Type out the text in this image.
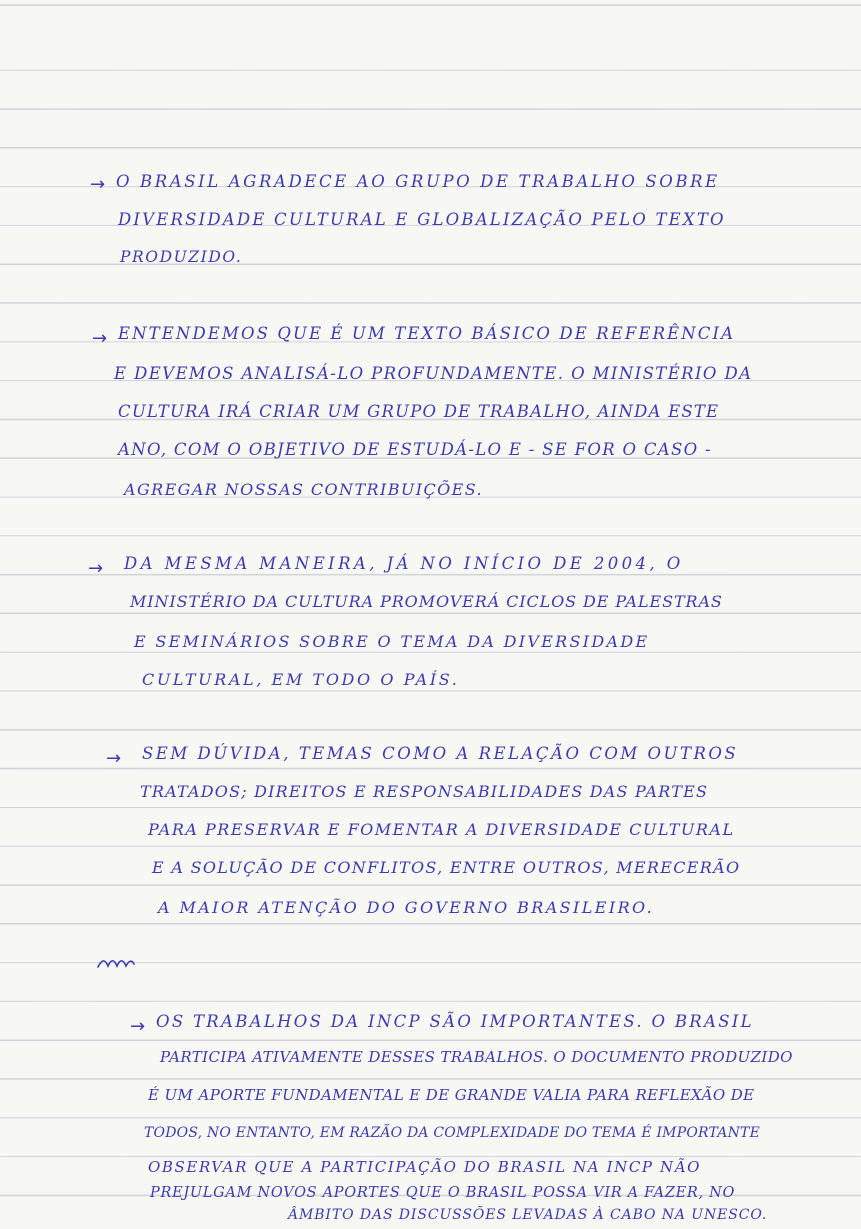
→ O BRASIL AGRADECE AO GRUPO DE TRABALHO SOBRE
DIVERSIDADE CULTURAL E GLOBALIZAÇÃO PELO TEXTO
PRODUZIDO.
→ ENTENDEMOS QUE É UM TEXTO BÁSICO DE REFERÊNCIA
E DEVEMOS ANALISÁ-LO PROFUNDAMENTE. O MINISTÉRIO DA
CULTURA IRÁ CRIAR UM GRUPO DE TRABALHO, AINDA ESTE
ANO, COM O OBJETIVO DE ESTUDÁ-LO E - SE FOR O CASO -
AGREGAR NOSSAS CONTRIBUIÇÕES.
→ DA MESMA MANEIRA, JÁ NO INÍCIO DE 2004, O
MINISTÉRIO DA CULTURA PROMOVERÁ CICLOS DE PALESTRAS
E SEMINÁRIOS SOBRE O TEMA DA DIVERSIDADE
CULTURAL, EM TODO O PAÍS.
→ SEM DÚVIDA, TEMAS COMO A RELAÇÃO COM OUTROS
TRATADOS; DIREITOS E RESPONSABILIDADES DAS PARTES
PARA PRESERVAR E FOMENTAR A DIVERSIDADE CULTURAL
E A SOLUÇÃO DE CONFLITOS, ENTRE OUTROS, MERECERÃO
A MAIOR ATENÇÃO DO GOVERNO BRASILEIRO.
→ OS TRABALHOS DA INCP SÃO IMPORTANTES. O BRASIL
PARTICIPA ATIVAMENTE DESSES TRABALHOS. O DOCUMENTO PRODUZIDO
É UM APORTE FUNDAMENTAL E DE GRANDE VALIA PARA REFLEXÃO DE
TODOS, NO ENTANTO, EM RAZÃO DA COMPLEXIDADE DO TEMA É IMPORTANTE
OBSERVAR QUE A PARTICIPAÇÃO DO BRASIL NA INCP NÃO
PREJULGAM NOVOS APORTES QUE O BRASIL POSSA VIR A FAZER, NO
ÂMBITO DAS DISCUSSÕES LEVADAS À CABO NA UNESCO.
